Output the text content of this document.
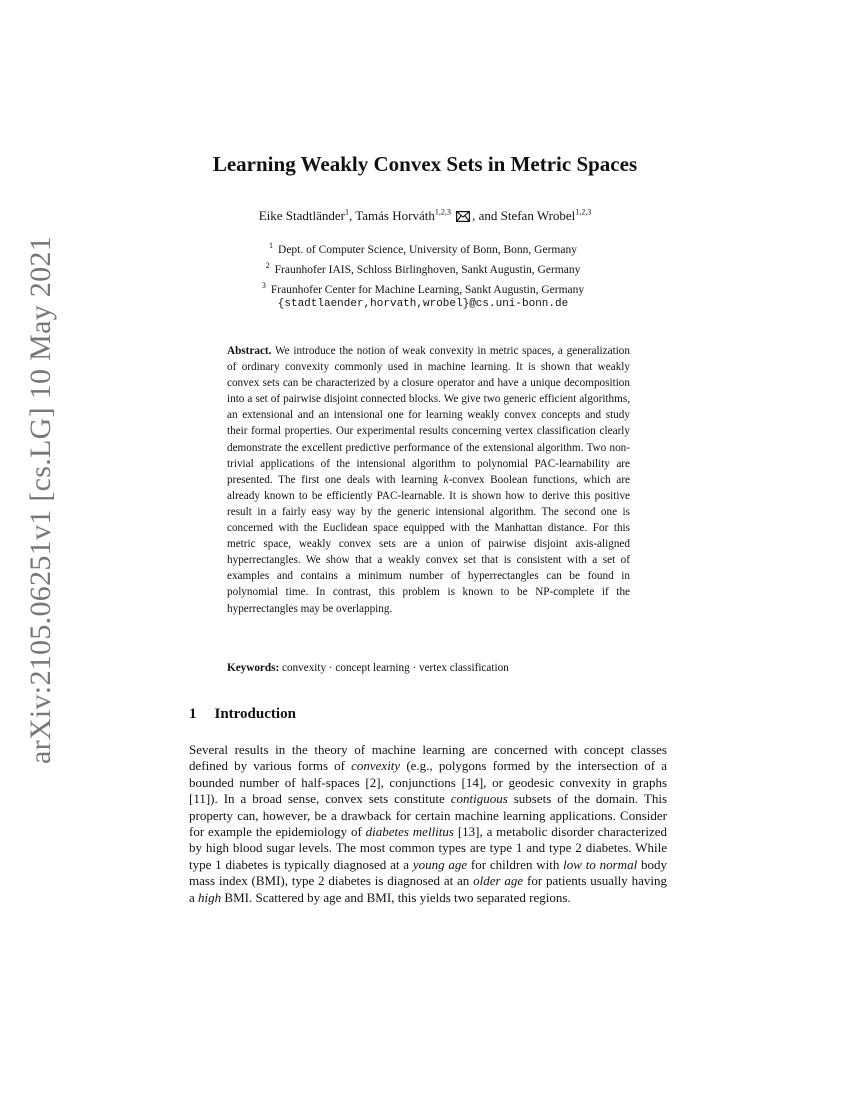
arXiv:2105.06251v1 [cs.LG] 10 May 2021
Learning Weakly Convex Sets in Metric Spaces
Eike Stadtländer$^1$, Tamás Horváth$^{1,2,3}$ , and Stefan Wrobel$^{1,2,3}$
$^1$ Dept. of Computer Science, University of Bonn, Bonn, Germany
$^2$ Fraunhofer IAIS, Schloss Birlinghoven, Sankt Augustin, Germany
$^3$ Fraunhofer Center for Machine Learning, Sankt Augustin, Germany
{stadtlaender,horvath,wrobel}@cs.uni-bonn.de
Abstract. We introduce the notion of weak convexity in metric spaces, a generalization of ordinary convexity commonly used in machine learning. It is shown that weakly convex sets can be characterized by a closure operator and have a unique decomposition into a set of pairwise disjoint connected blocks. We give two generic efficient algorithms, an extensional and an intensional one for learning weakly convex concepts and study their formal properties. Our experimental results concerning vertex classification clearly demonstrate the excellent predictive performance of the extensional algorithm. Two non-trivial applications of the intensional algorithm to polynomial PAC-learnability are presented. The first one deals with learning k-convex Boolean functions, which are already known to be efficiently PAC-learnable. It is shown how to derive this positive result in a fairly easy way by the generic intensional algorithm. The second one is concerned with the Euclidean space equipped with the Manhattan distance. For this metric space, weakly convex sets are a union of pairwise disjoint axis-aligned hyperrectangles. We show that a weakly convex set that is consistent with a set of examples and contains a minimum number of hyperrectangles can be found in polynomial time. In contrast, this problem is known to be NP-complete if the hyperrectangles may be overlapping.
Keywords: convexity · concept learning · vertex classification
1 Introduction
Several results in the theory of machine learning are concerned with concept classes defined by various forms of convexity (e.g., polygons formed by the intersection of a bounded number of half-spaces [2], conjunctions [14], or geodesic convexity in graphs [11]). In a broad sense, convex sets constitute contiguous subsets of the domain. This property can, however, be a drawback for certain machine learning applications. Consider for example the epidemiology of diabetes mellitus [13], a metabolic disorder characterized by high blood sugar levels. The most common types are type 1 and type 2 diabetes. While type 1 diabetes is typically diagnosed at a young age for children with low to normal body mass index (BMI), type 2 diabetes is diagnosed at an older age for patients usually having a high BMI. Scattered by age and BMI, this yields two separated regions.
